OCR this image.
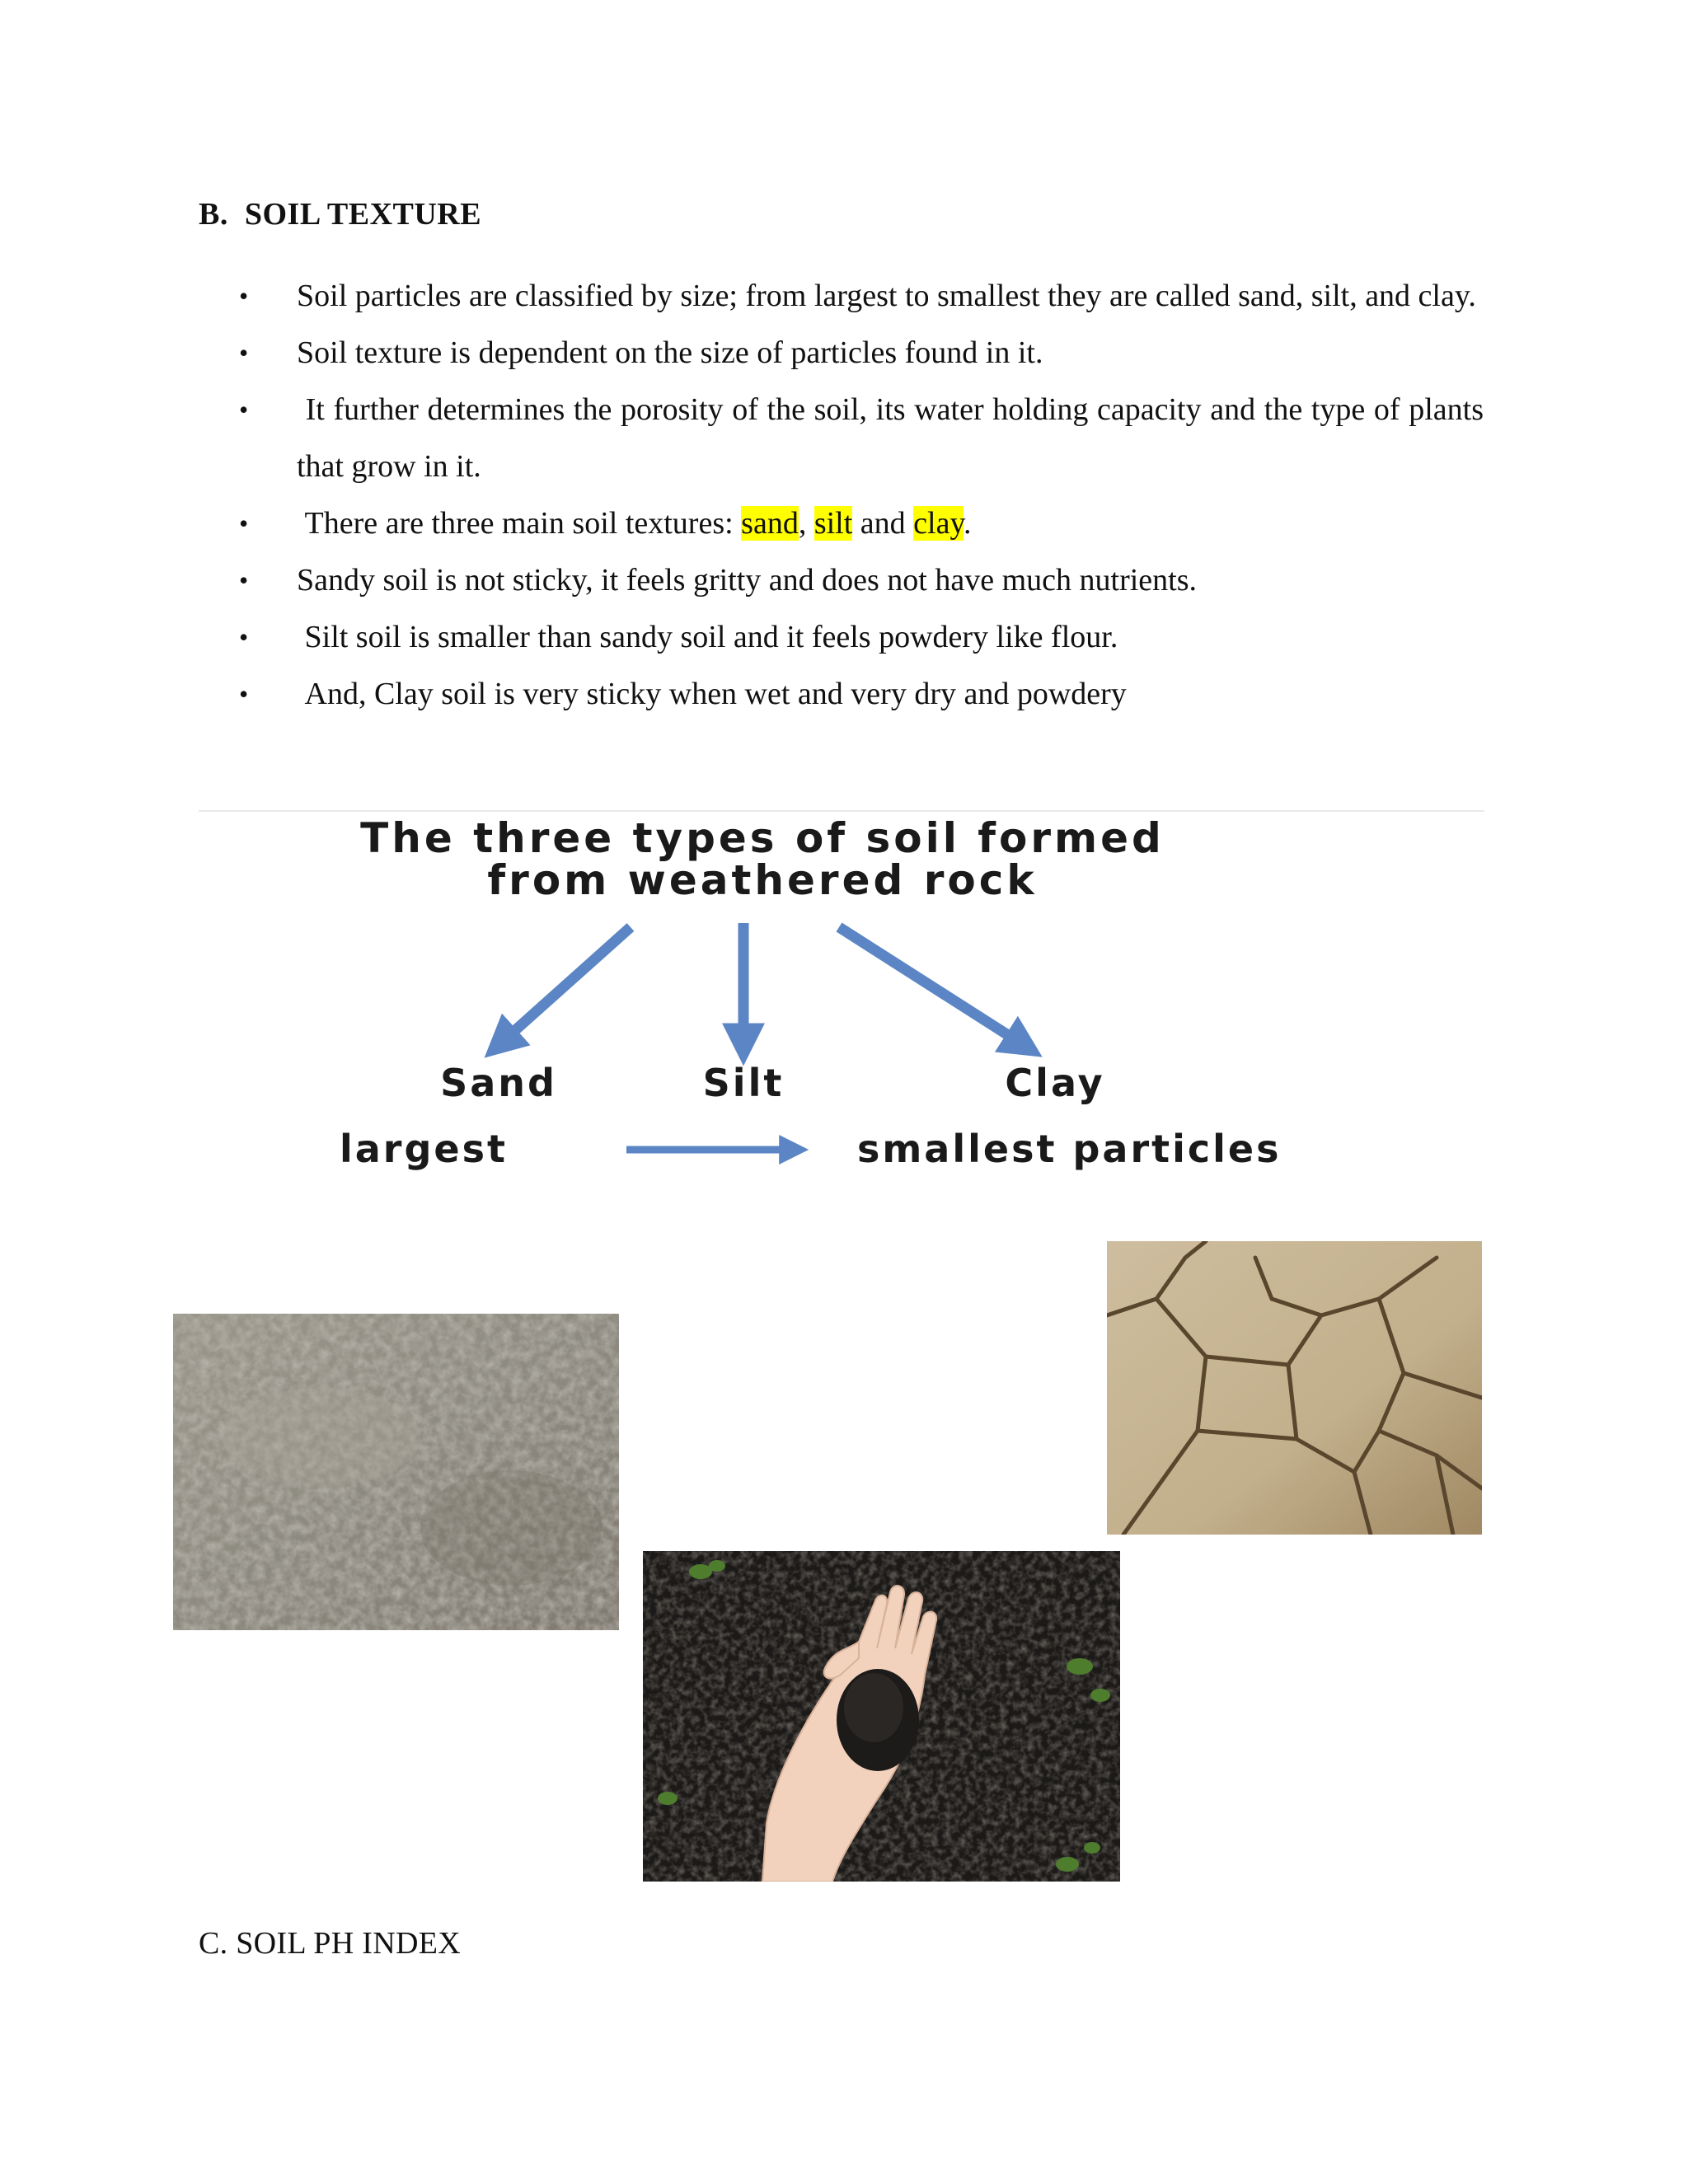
B.  SOIL TEXTURE
• Soil particles are classified by size; from largest to smallest they are called sand, silt, and clay.
• Soil texture is dependent on the size of particles found in it.
• It further determines the porosity of the soil, its water holding capacity and the type of plants that grow in it.
• There are three main soil textures: sand, silt and clay.
• Sandy soil is not sticky, it feels gritty and does not have much nutrients.
• Silt soil is smaller than sandy soil and it feels powdery like flour.
• And, Clay soil is very sticky when wet and very dry and powdery
The three types of soil formed
from weathered rock
Sand	Silt	Clay
largest	smallest particles
C. SOIL PH INDEX
